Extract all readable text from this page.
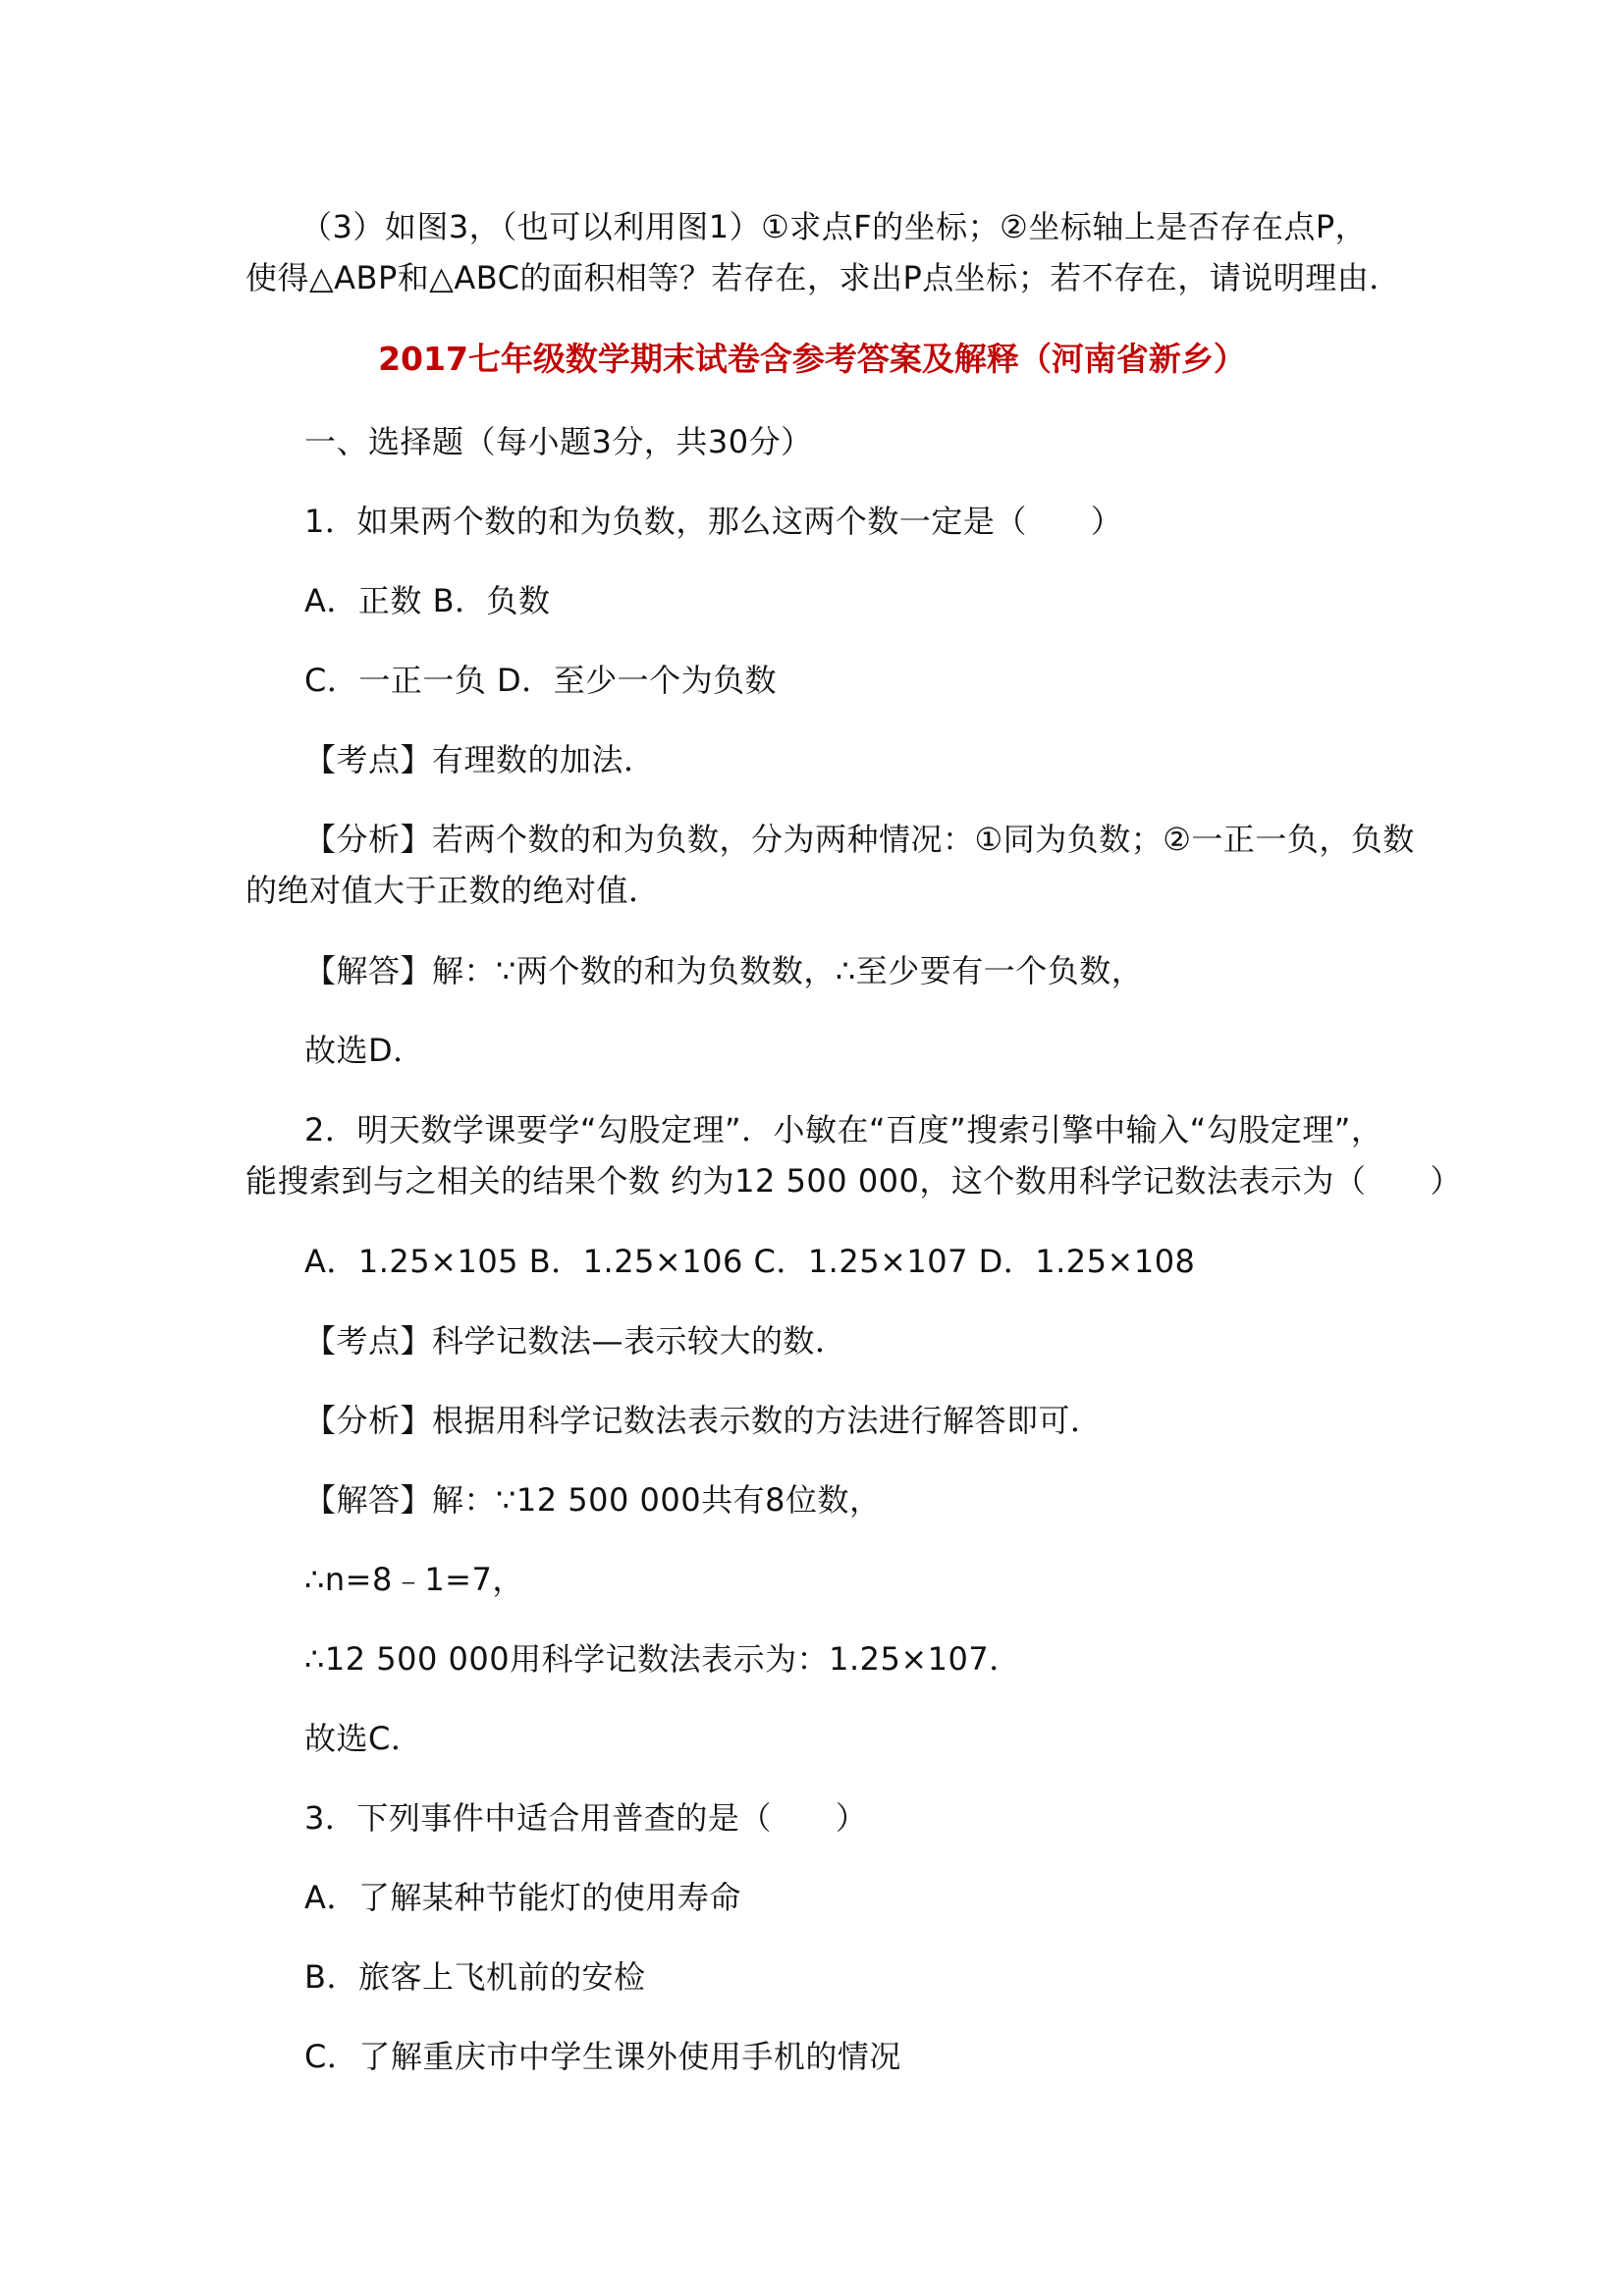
（3）如图3，（也可以利用图1）①求点F的坐标；②坐标轴上是否存在点P，
使得△ABP和△ABC的面积相等？若存在，求出P点坐标；若不存在，请说明理由．
2017七年级数学期末试卷含参考答案及解释（河南省新乡）
一、选择题（每小题3分，共30分）
1．如果两个数的和为负数，那么这两个数一定是（　　）
A．正数 B．负数
C．一正一负 D．至少一个为负数
【考点】有理数的加法．
【分析】若两个数的和为负数，分为两种情况：①同为负数；②一正一负，负数
的绝对值大于正数的绝对值．
【解答】解：∵两个数的和为负数数，∴至少要有一个负数，
故选D．
2．明天数学课要学“勾股定理”．小敏在“百度”搜索引擎中输入“勾股定理”，
能搜索到与之相关的结果个数 约为12 500 000，这个数用科学记数法表示为（　　）
A．1.25×105 B．1.25×106 C．1.25×107 D．1.25×108
【考点】科学记数法—表示较大的数．
【分析】根据用科学记数法表示数的方法进行解答即可．
【解答】解：∵12 500 000共有8位数，
∴n=8﹣1=7，
∴12 500 000用科学记数法表示为：1.25×107．
故选C．
3．下列事件中适合用普查的是（　　）
A．了解某种节能灯的使用寿命
B．旅客上飞机前的安检
C．了解重庆市中学生课外使用手机的情况
